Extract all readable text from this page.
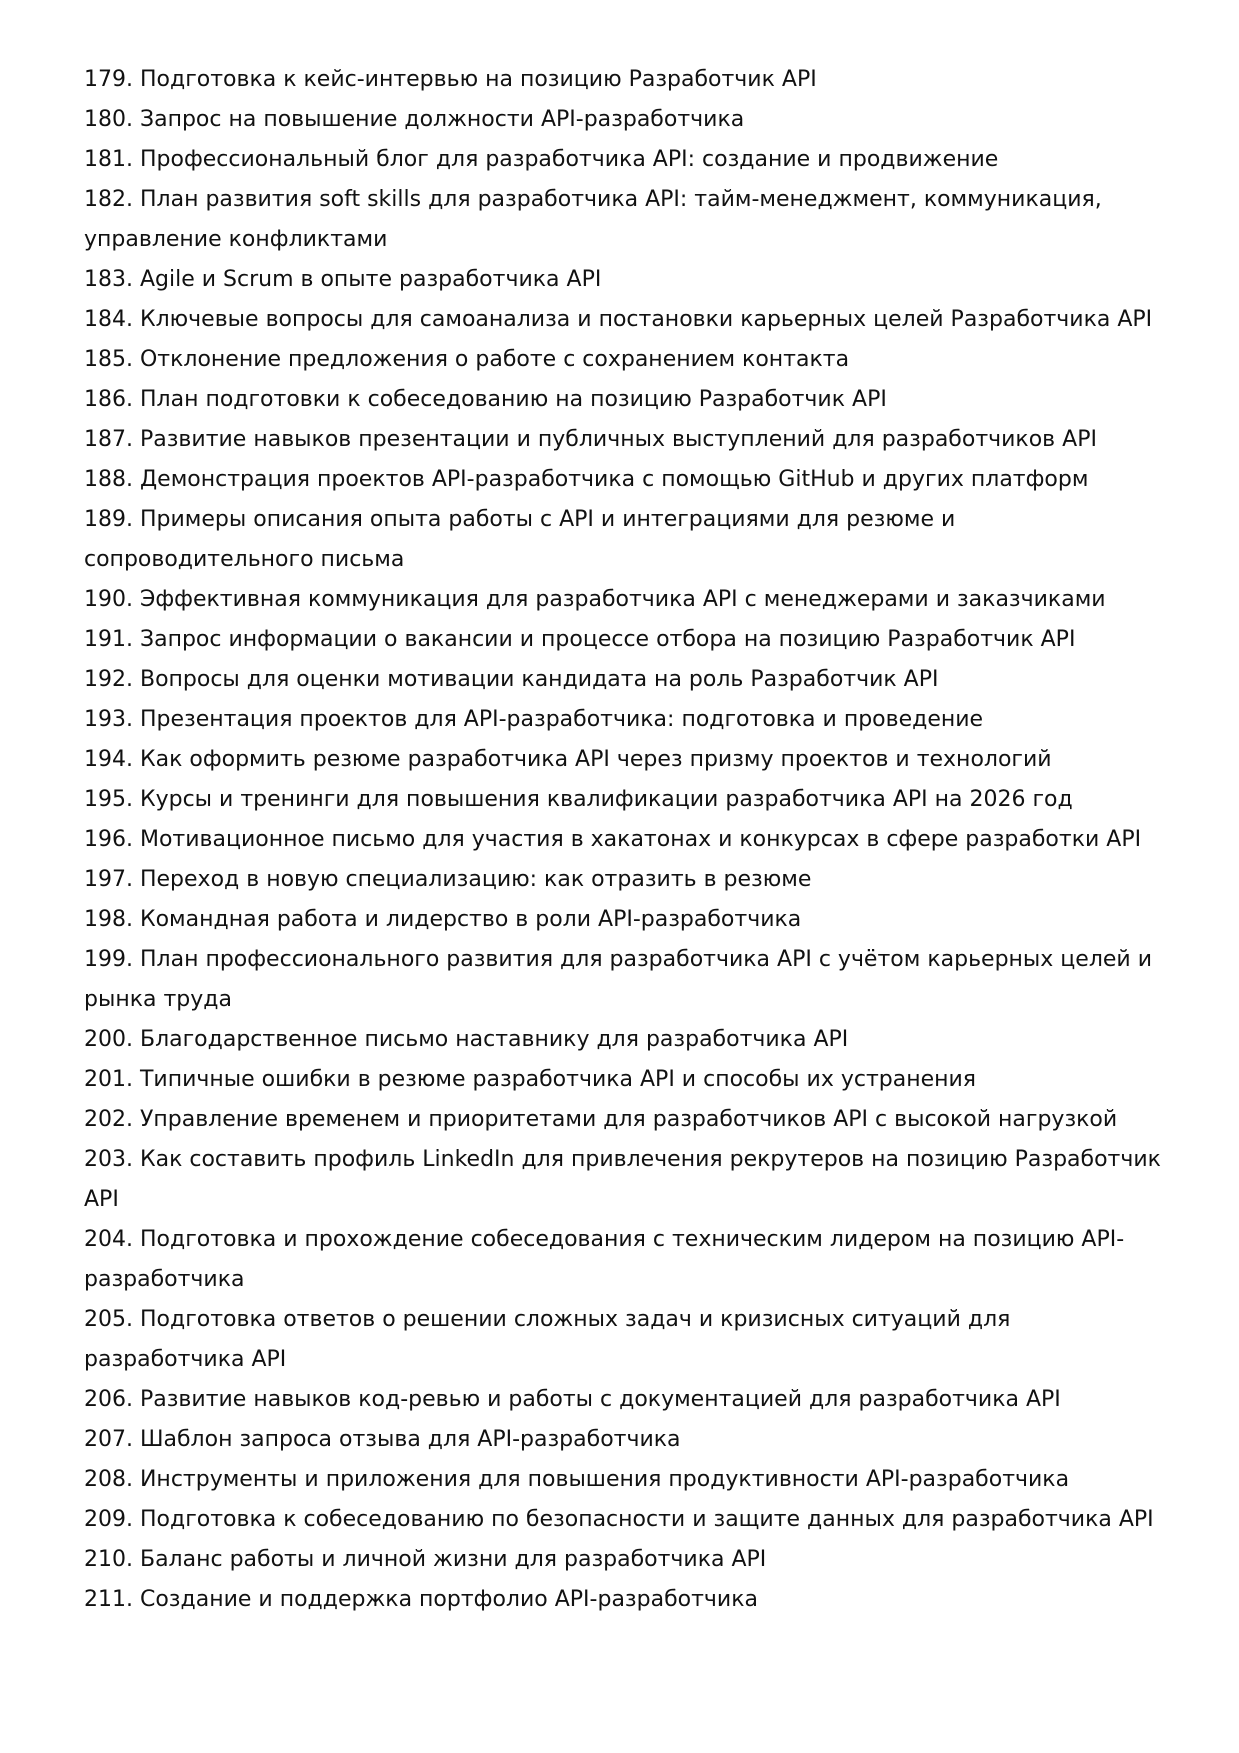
179. Подготовка к кейс-интервью на позицию Разработчик API

180. Запрос на повышение должности API-разработчика

181. Профессиональный блог для разработчика API: создание и продвижение

182. План развития soft skills для разработчика API: тайм-менеджмент, коммуникация, управление конфликтами

183. Agile и Scrum в опыте разработчика API

184. Ключевые вопросы для самоанализа и постановки карьерных целей Разработчика API

185. Отклонение предложения о работе с сохранением контакта

186. План подготовки к собеседованию на позицию Разработчик API

187. Развитие навыков презентации и публичных выступлений для разработчиков API

188. Демонстрация проектов API-разработчика с помощью GitHub и других платформ

189. Примеры описания опыта работы с API и интеграциями для резюме и сопроводительного письма

190. Эффективная коммуникация для разработчика API с менеджерами и заказчиками

191. Запрос информации о вакансии и процессе отбора на позицию Разработчик API

192. Вопросы для оценки мотивации кандидата на роль Разработчик API

193. Презентация проектов для API-разработчика: подготовка и проведение

194. Как оформить резюме разработчика API через призму проектов и технологий

195. Курсы и тренинги для повышения квалификации разработчика API на 2026 год

196. Мотивационное письмо для участия в хакатонах и конкурсах в сфере разработки API

197. Переход в новую специализацию: как отразить в резюме

198. Командная работа и лидерство в роли API-разработчика

199. План профессионального развития для разработчика API с учётом карьерных целей и рынка труда

200. Благодарственное письмо наставнику для разработчика API

201. Типичные ошибки в резюме разработчика API и способы их устранения

202. Управление временем и приоритетами для разработчиков API с высокой нагрузкой

203. Как составить профиль LinkedIn для привлечения рекрутеров на позицию Разработчик API

204. Подготовка и прохождение собеседования с техническим лидером на позицию API-разработчика

205. Подготовка ответов о решении сложных задач и кризисных ситуаций для разработчика API

206. Развитие навыков код-ревью и работы с документацией для разработчика API

207. Шаблон запроса отзыва для API-разработчика

208. Инструменты и приложения для повышения продуктивности API-разработчика

209. Подготовка к собеседованию по безопасности и защите данных для разработчика API

210. Баланс работы и личной жизни для разработчика API

211. Создание и поддержка портфолио API-разработчика
